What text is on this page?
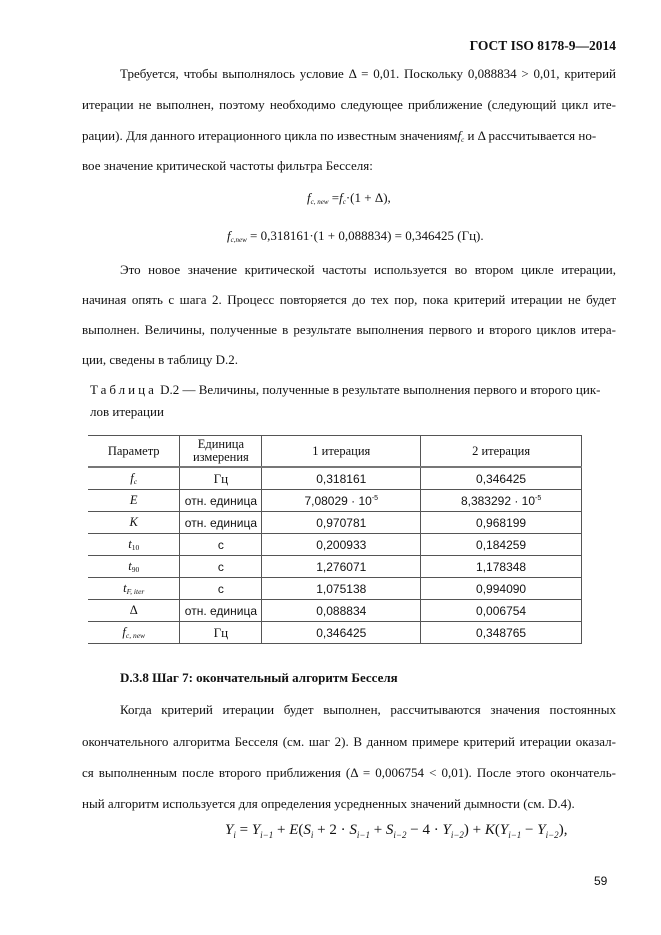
ГОСТ ISO 8178-9—2014
Требуется, чтобы выполнялось условие Δ = 0,01. Поскольку 0,088834 > 0,01, критерий
итерации не выполнен, поэтому необходимо следующее приближение (следующий цикл ите-
рации). Для данного итерационного цикла по известным значениямf$_c$ и Δ рассчитывается но-
вое значение критической частоты фильтра Бесселя:
$f_{c, new} =f_c\cdot(1 + \Delta)$,
$f_{c,new} = 0,318161\cdot(1 + 0,088834) = 0,346425$ (Гц).
Это новое значение критической частоты используется во втором цикле итерации,
начиная опять с шага 2. Процесс повторяется до тех пор, пока критерий итерации не будет
выполнен. Величины, полученные в результате выполнения первого и второго циклов итера-
ции, сведены в таблицу D.2.
Таблица D.2 — Величины, полученные в результате выполнения первого и второго цик-
лов итерации
Параметр	Единица измерения	1 итерация	2 итерация
fc	Гц	0,318161	0,346425
E	отн. единица	$7,08029 \cdot 10^{-5}$	$8,383292 \cdot 10^{-5}$
K	отн. единица	0,970781	0,968199
t10	с	0,200933	0,184259
t90	с	1,276071	1,178348
tF, iter	с	1,075138	0,994090
Δ	отн. единица	0,088834	0,006754
fc, new	Гц	0,346425	0,348765
D.3.8 Шаг 7: окончательный алгоритм Бесселя
Когда критерий итерации будет выполнен, рассчитываются значения постоянных
окончательного алгоритма Бесселя (см. шаг 2). В данном примере критерий итерации оказал-
ся выполненным после второго приближения (Δ = 0,006754 < 0,01). После этого окончатель-
ный алгоритм используется для определения усредненных значений дымности (см. D.4).
$Y_i = Y_{i-1} + E(S_i + 2 \cdot S_{i-1} + S_{i-2} - 4 \cdot Y_{i-2}) + K(Y_{i-1} - Y_{i-2})$,
59
